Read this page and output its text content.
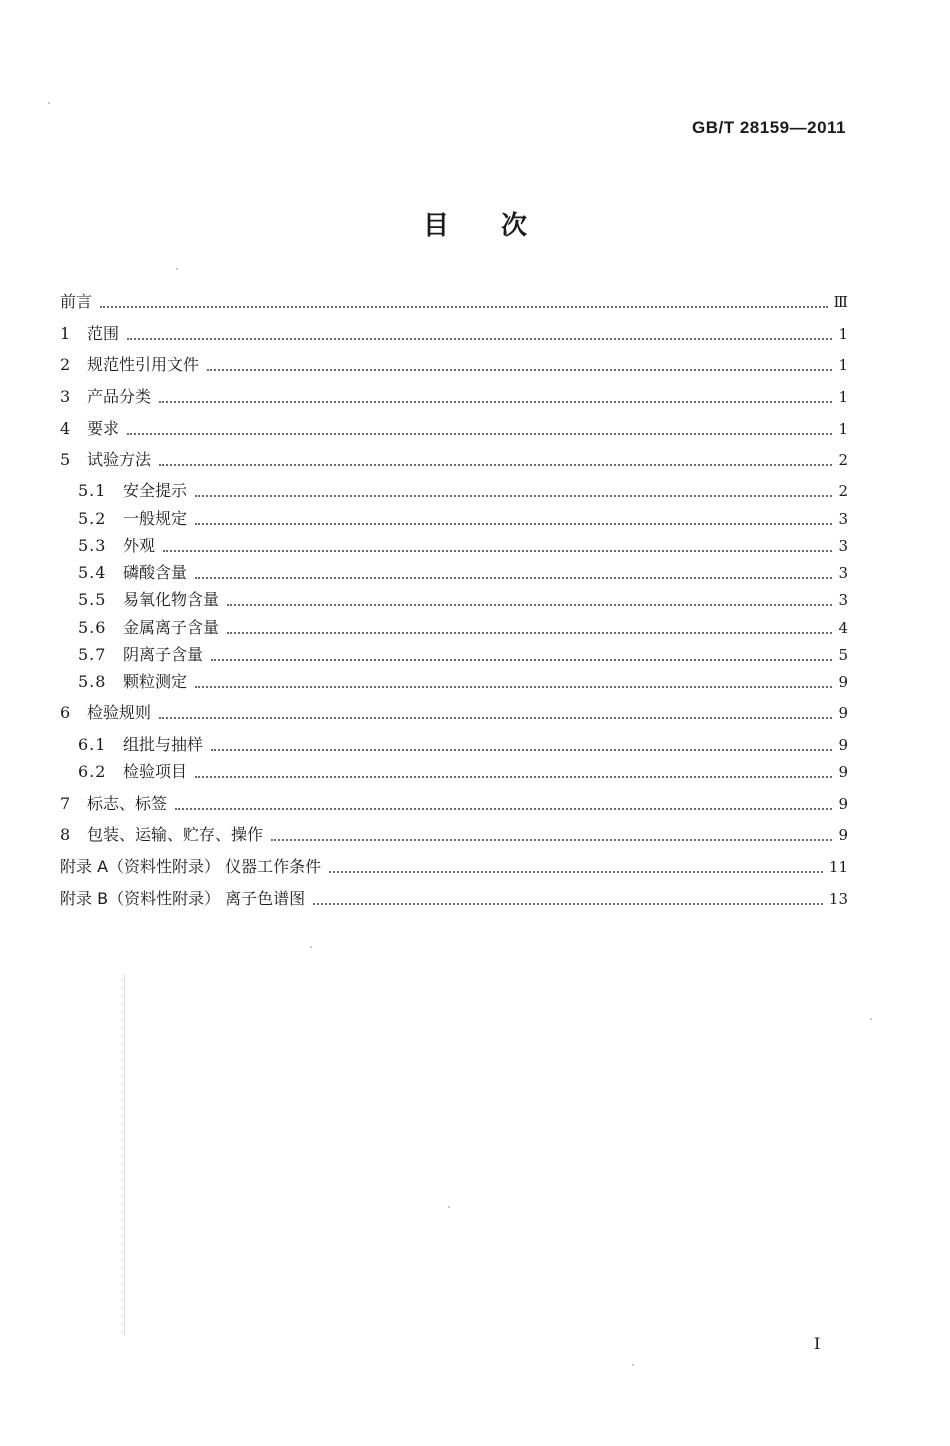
GB/T 28159—2011
目次
前言	Ⅲ
1	范围	1
2	规范性引用文件	1
3	产品分类	1
4	要求	1
5	试验方法	2
5.1	安全提示	2
5.2	一般规定	3
5.3	外观	3
5.4	磷酸含量	3
5.5	易氧化物含量	3
5.6	金属离子含量	4
5.7	阴离子含量	5
5.8	颗粒测定	9
6	检验规则	9
6.1	组批与抽样	9
6.2	检验项目	9
7	标志、标签	9
8	包装、运输、贮存、操作	9
附录 A（资料性附录） 仪器工作条件	11
附录 B（资料性附录） 离子色谱图	13
I
